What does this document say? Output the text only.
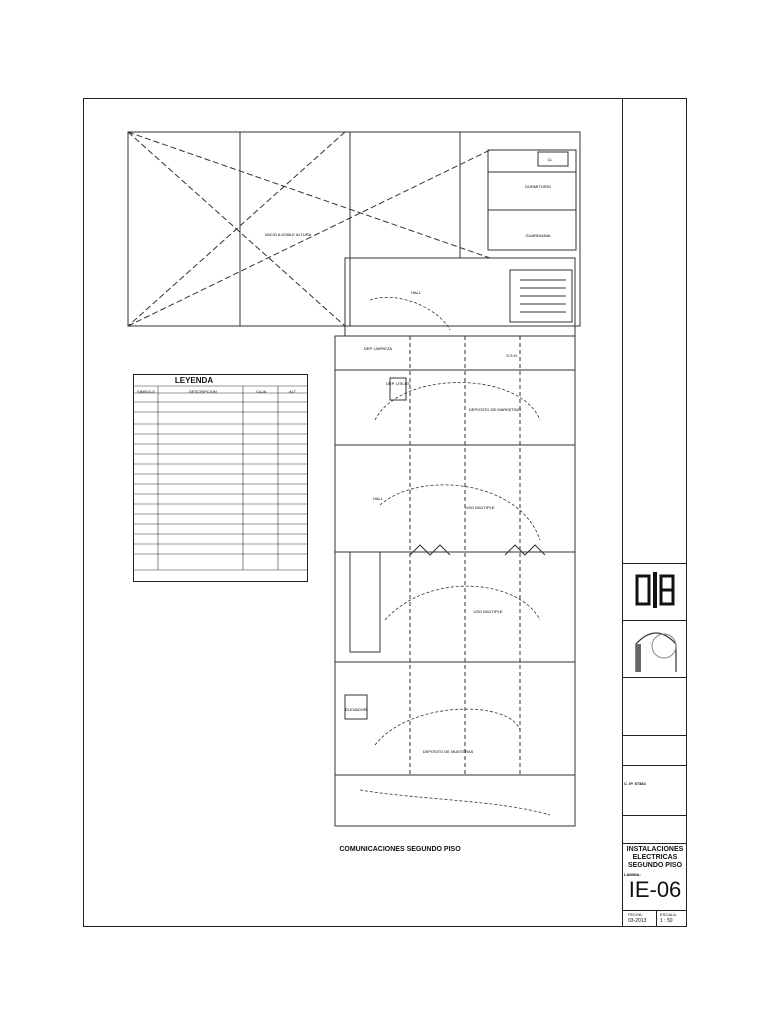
VACIO A DOBLE ALTURA
CL
DORMITORIO
GUARDIANIA
HALL
DEP. LIMPIEZA
S.S.H.
DEP. UTILES
DEPOSITO DE MARKETING
HALL
USO MULTIPLE
USO MULTIPLE
ELEVADOR
DEPOSITO DE MUESTRAS
LEYENDA
SIMBOLO	DESCRIPCION	CAJA	ALT.
COMUNICACIONES SEGUNDO PISO
C. IP. 57384
INSTALACIONES
ELECTRICAS
SEGUNDO PISO
LAMINA:
IE-06
FECHA:
03-2013
ESCALA:
1 : 50
